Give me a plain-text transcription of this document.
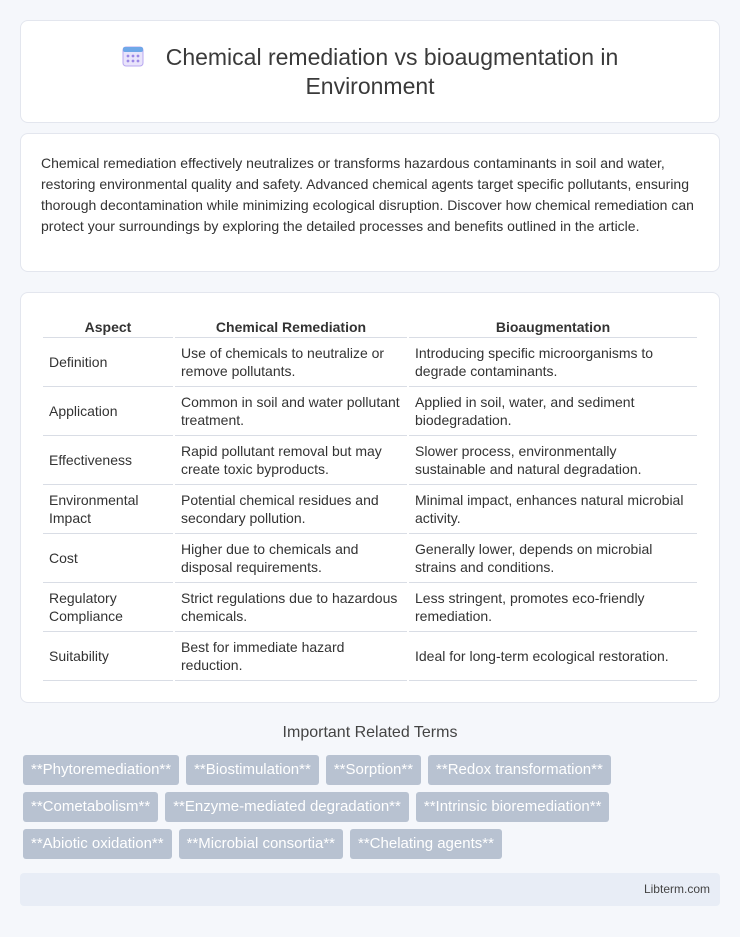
Chemical remediation vs bioaugmentation in
Environment

Chemical remediation effectively neutralizes or transforms hazardous contaminants in soil and water, restoring environmental quality and safety. Advanced chemical agents target specific pollutants, ensuring thorough decontamination while minimizing ecological disruption. Discover how chemical remediation can protect your surroundings by exploring the detailed processes and benefits outlined in the article.

Aspect	Chemical Remediation	Bioaugmentation
Definition	Use of chemicals to neutralize or remove pollutants.	Introducing specific microorganisms to degrade contaminants.
Application	Common in soil and water pollutant treatment.	Applied in soil, water, and sediment biodegradation.
Effectiveness	Rapid pollutant removal but may create toxic byproducts.	Slower process, environmentally sustainable and natural degradation.
Environmental Impact	Potential chemical residues and secondary pollution.	Minimal impact, enhances natural microbial activity.
Cost	Higher due to chemicals and disposal requirements.	Generally lower, depends on microbial strains and conditions.
Regulatory Compliance	Strict regulations due to hazardous chemicals.	Less stringent, promotes eco-friendly remediation.
Suitability	Best for immediate hazard reduction.	Ideal for long-term ecological restoration.
Important Related Terms
**Phytoremediation**	**Biostimulation**	**Sorption**	**Redox transformation**
**Cometabolism**	**Enzyme-mediated degradation**	**Intrinsic bioremediation**
**Abiotic oxidation**	**Microbial consortia**	**Chelating agents**
Libterm.com
